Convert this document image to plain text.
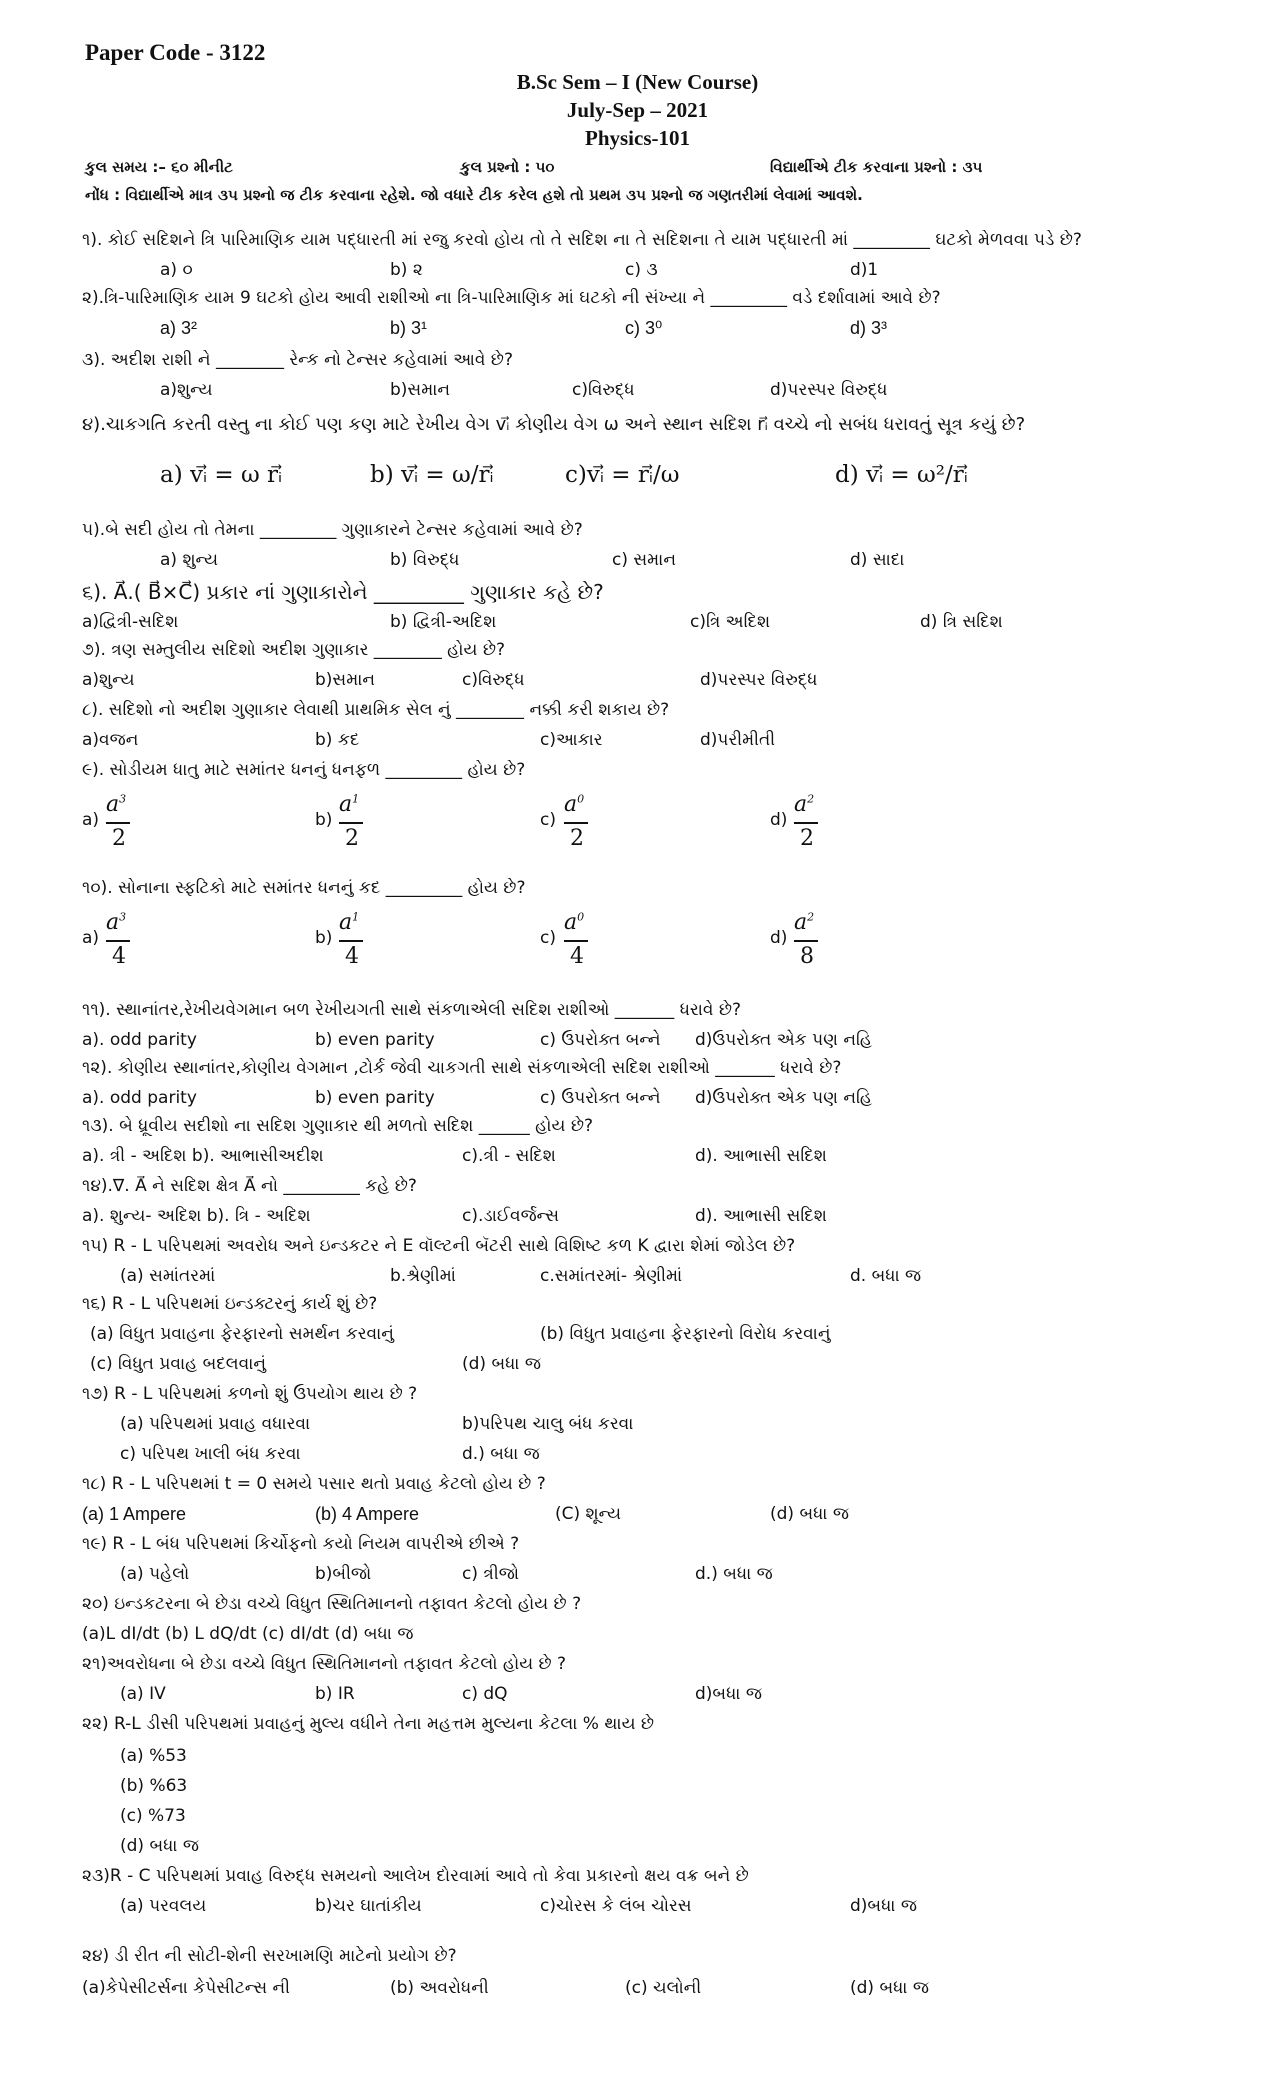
Paper Code - 3122
B.Sc Sem – I (New Course)
July-Sep – 2021
Physics-101
કુલ સમય :– ૬૦ મીનીટ	કુલ પ્રશ્નો : ૫૦	વિદ્યાર્થીએ ટીક કરવાના પ્રશ્નો : ૩૫
નોંધ : વિદ્યાર્થીએ માત્ર ૩૫ પ્રશ્નો જ ટીક કરવાના રહેશે. જો વધારે ટીક કરેલ હશે તો પ્રથમ ૩૫ પ્રશ્નો જ ગણતરીમાં લેવામાં આવશે.
૧). કોઈ સદિશને ત્રિ પારિમાણિક યામ પદ્ધારતી માં રજુ કરવો હોય તો તે સદિશ ના તે સદિશના તે યામ પદ્ધારતી માં _________ ઘટકો મેળવવા પડે છે?
a) ૦	b) ૨	c) ૩	d)1
૨).ત્રિ-પારિમાણિક યામ 9 ઘટકો હોય આવી રાશીઓ ના ત્રિ-પારિમાણિક માં ઘટકો ની સંખ્યા ને _________ વડે દર્શાવામાં આવે છે?
a) 3²	b) 3¹	c) 3⁰	d) 3³
૩). અદીશ રાશી ને ________ રેન્ક નો ટેન્સર કહેવામાં આવે છે?
a)શુન્ય	b)સમાન	c)વિરુદ્ધ	d)પરસ્પર વિરુદ્ધ
૪).ચાકગતિ કરતી વસ્તુ ના કોઈ પણ કણ માટે રેખીય વેગ vᵢ⃗ કોણીય વેગ ω અને સ્થાન સદિશ rᵢ⃗ વચ્ચે નો સબંધ ધરાવતું સૂત્ર કયું છે?
a) vᵢ⃗ = ω rᵢ⃗	b) vᵢ⃗ = ω/rᵢ⃗	c)vᵢ⃗ = rᵢ⃗/ω	d) vᵢ⃗ = ω²/rᵢ⃗
૫).બે સદી હોય તો તેમના _________ ગુણાકારને ટેન્સર કહેવામાં આવે છે?
a) શુન્ય	b) વિરુદ્ધ	c) સમાન	d) સાદા
૬). A⃗.( B⃗×C⃗) પ્રકાર નાં ગુણાકારોને _________ ગુણાકાર કહે છે?
a)દ્વિત્રી-સદિશ	b) દ્વિત્રી-અદિશ	c)ત્રિ અદિશ	d) ત્રિ સદિશ
૭). ત્રણ સમ્તુલીય સદિશો અદીશ ગુણાકાર ________ હોય છે?
a)શુન્ય	b)સમાન	c)વિરુદ્ધ	d)પરસ્પર વિરુદ્ધ
૮). સદિશો નો અદીશ ગુણાકાર લેવાથી પ્રાથમિક સેલ નું ________ નક્કી કરી શકાય છે?
a)વજન	b) કદ	c)આકાર	d)પરીમીતી
૯). સોડીયમ ધાતુ માટે સમાંતર ધનનું ધનફળ _________ હોય છે?
a)
$a^3$
2
b)
$a^1$
2
c)
$a^0$
2
d)
$a^2$
2
૧૦). સોનાના સ્ફટિકો માટે સમાંતર ધનનું કદ _________ હોય છે?
a)
$a^3$
4
b)
$a^1$
4
c)
$a^0$
4
d)
$a^2$
8
૧૧). સ્થાનાંતર,રેખીયવેગમાન બળ રેખીયગતી સાથે સંકળાએલી સદિશ રાશીઓ _______ ધરાવે છે?
a). odd parity	b) even parity	c) ઉપરોક્ત બન્ને d)ઉપરોક્ત એક પણ નહિ
૧૨). કોણીય સ્થાનાંતર,કોણીય વેગમાન ,ટોર્ક જેવી ચાકગતી સાથે સંકળાએલી સદિશ રાશીઓ _______ ધરાવે છે?
a). odd parity	b) even parity	c) ઉપરોક્ત બન્ને d)ઉપરોક્ત એક પણ નહિ
૧૩). બે ધ્રૂવીય સદીશો ના સદિશ ગુણાકાર થી મળતો સદિશ ______ હોય છે?
a). ત્રી - અદિશ b). આભાસીઅદીશ	c).ત્રી - સદિશ	d). આભાસી સદિશ
૧૪).∇. A⃗ ને સદિશ ક્ષેત્ર A⃗ નો _________ કહે છે?
a). શુન્ય- અદિશ b). ત્રિ - અદિશ	c).ડાઈવર્જન્સ	d). આભાસી સદિશ
૧૫) R - L પરિપથમાં અવરોધ અને ઇન્ડકટર ને E વૉલ્ટની બૅટરી સાથે વિશિષ્ટ કળ K દ્વારા શેમાં જોડેલ છે?
(a) સમાંતરમાં	b.શ્રેણીમાં	c.સમાંતરમાં- શ્રેણીમાં	d. બધા જ
૧૬) R - L પરિપથમાં ઇન્ડક્ટરનું કાર્ય શું છે?
(a) વિધુત પ્રવાહના ફેરફારનો સમર્થન કરવાનું	(b) વિધુત પ્રવાહના ફેરફારનો વિરોધ કરવાનું
(c) વિધુત પ્રવાહ બદલવાનું	(d) બધા જ
૧૭) R - L પરિપથમાં કળનો શું ઉપયોગ થાય છે ?
(a) પરિપથમાં પ્રવાહ વધારવા	b)પરિપથ ચાલુ બંધ કરવા
c) પરિપથ ખાલી બંધ કરવા	d.) બધા જ
૧૮) R - L પરિપથમાં t = 0 સમયે પસાર થતો પ્રવાહ કેટલો હોય છે ?
(a) 1 Ampere	(b) 4 Ampere	(C) શૂન્ય	(d) બધા જ
૧૯) R - L બંધ પરિપથમાં કિર્ચોફનો કયો નિયમ વાપરીએ છીએ ?
(a) પહેલો	b)બીજો	c) ત્રીજો	d.) બધા જ
૨૦) ઇન્ડકટરના બે છેડા વચ્ચે વિધુત સ્થિતિમાનનો તફાવત કેટલો હોય છે ?
(a)L dI/dt (b) L dQ/dt (c) dI/dt (d) બધા જ
૨૧)અવરોધના બે છેડા વચ્ચે વિધુત સ્થિતિમાનનો તફાવત કેટલો હોય છે ?
(a) IV	b) IR	c) dQ	d)બધા જ
૨૨) R-L ડીસી પરિપથમાં પ્રવાહનું મુલ્ય વધીને તેના મહત્તમ મુલ્યના કેટલા % થાય છે
(a) %53
(b) %63
(c) %73
(d) બધા જ
૨૩)R - C પરિપથમાં પ્રવાહ વિરુદ્ધ સમયનો આલેખ દોરવામાં આવે તો કેવા પ્રકારનો ક્ષય વક્ર બને છે
(a) પરવલય	b)ચર ઘાતાંકીય	c)ચોરસ કે લંબ ચોરસ	d)બધા જ
૨૪) ડી રીત ની સોટી-શેની સરખામણિ માટેનો પ્રયોગ છે?
(a)કેપેસીટર્સના કેપેસીટન્સ ની	(b) અવરોધની	(c) ચલોની	(d) બધા જ
